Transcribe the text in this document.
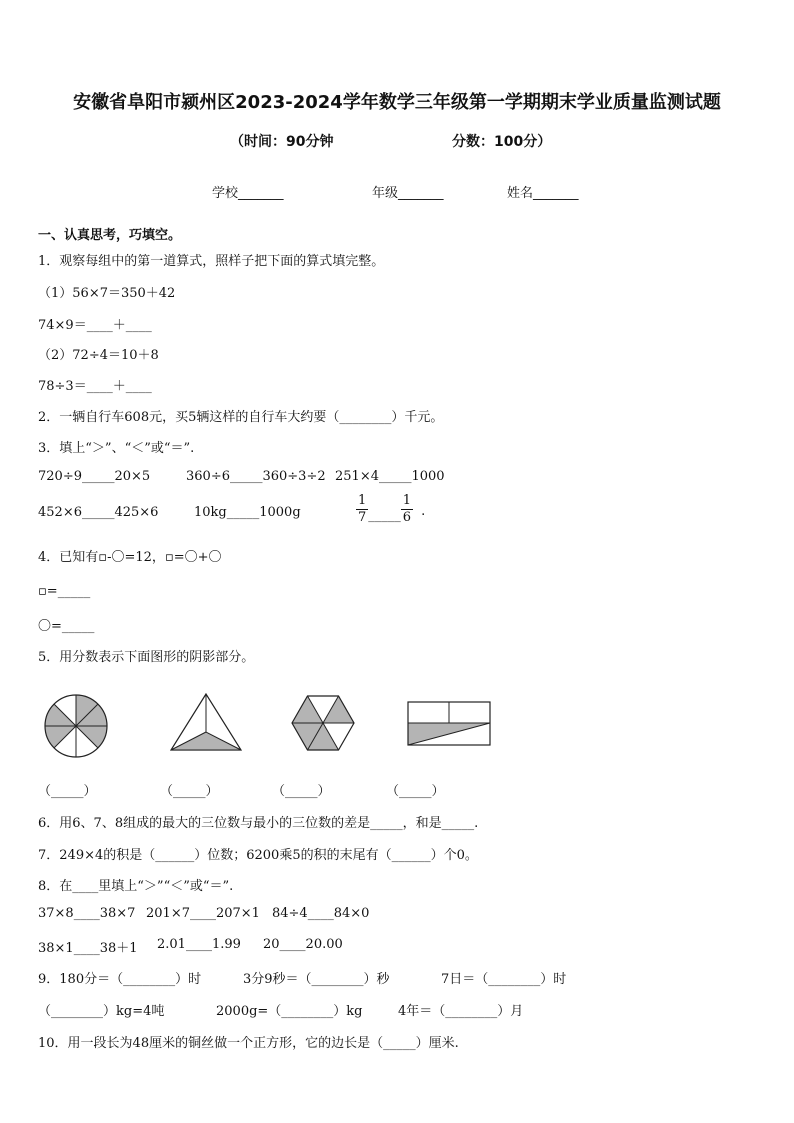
安徽省阜阳市颍州区2023-2024学年数学三年级第一学期期末学业质量监测试题
（时间：90分钟	分数：100分）
学校_______	年级_______	姓名_______
一、认真思考，巧填空。
1．观察每组中的第一道算式，照样子把下面的算式填完整。
（1）56×7＝350＋42
74×9＝____＋____
（2）72÷4＝10＋8
78÷3＝____＋____
2．一辆自行车608元，买5辆这样的自行车大约要（________）千元。
3．填上“＞”、“＜”或“＝”.
720÷9_____20×5	360÷6_____360÷3÷2 251×4_____1000
452×6_____425×6	10kg_____1000g	$\frac{1}{7}$ _____ $\frac{1}{6}$ .
4．已知有▫-〇=12，▫=〇+〇
▫=_____
〇=_____
5．用分数表示下面图形的阴影部分。
（_____）	（_____）	（_____）	（_____）
6．用6、7、8组成的最大的三位数与最小的三位数的差是_____，和是_____.
7．249×4的积是（______）位数；6200乘5的积的末尾有（______）个0。
8．在____里填上“＞”“＜”或“＝”.
37×8____38×7 201×7____207×1 84÷4____84×0
38×1____38＋1 2.01____1.99 20____20.00
9．180分＝（________）时	3分9秒＝（________）秒	7日＝（________）时
（________）kg=4吨	2000g=（________）kg	4年＝（________）月
10．用一段长为48厘米的铜丝做一个正方形，它的边长是（_____）厘米.
